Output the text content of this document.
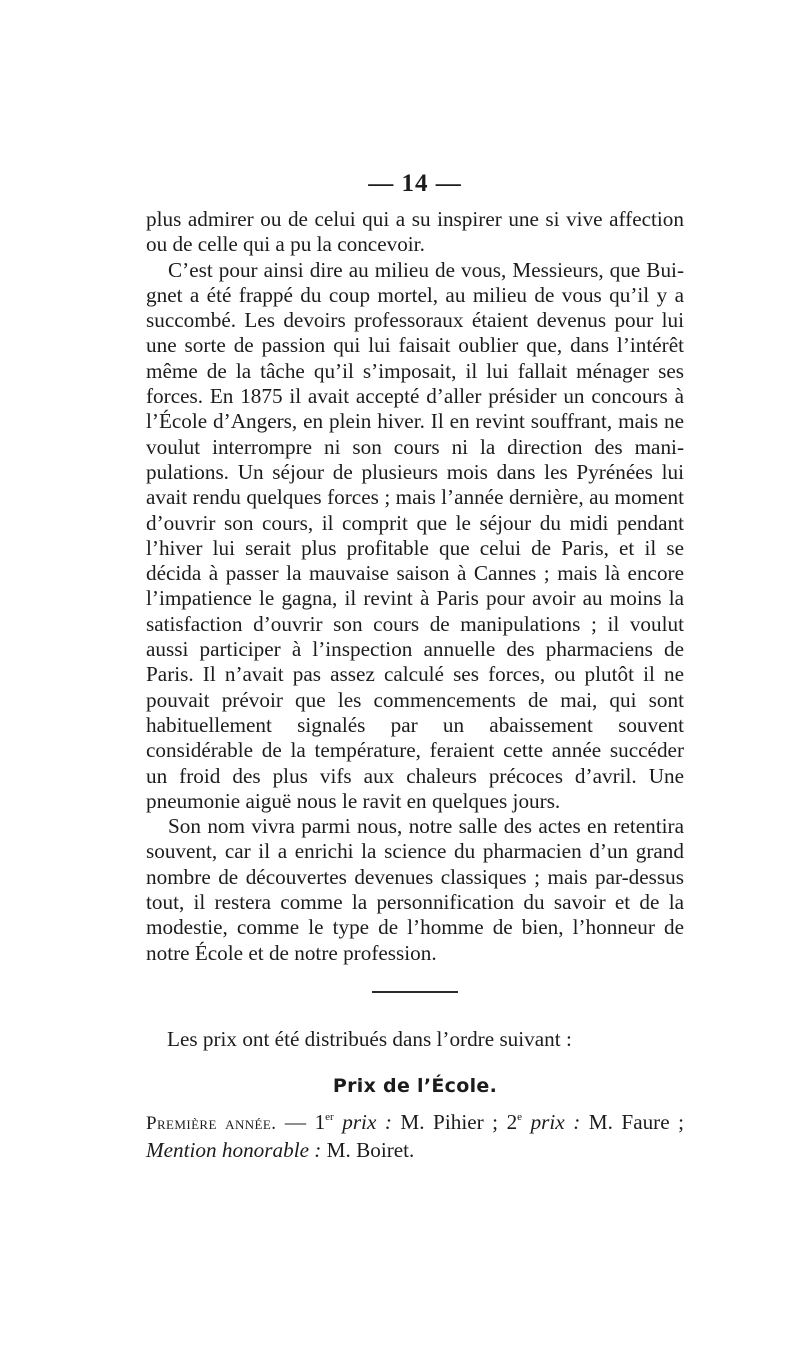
— 14 —

plus admirer ou de celui qui a su inspirer une si vive affection ou de celle qui a pu la concevoir.

C’est pour ainsi dire au milieu de vous, Messieurs, que Buignet a été frappé du coup mortel, au milieu de vous qu’il y a succombé. Les devoirs professoraux étaient devenus pour lui une sorte de passion qui lui faisait oublier que, dans l’intérêt même de la tâche qu’il s’imposait, il lui fallait ménager ses forces. En 1875 il avait accepté d’aller présider un concours à l’École d’Angers, en plein hiver. Il en revint souffrant, mais ne voulut interrompre ni son cours ni la direction des manipulations. Un séjour de plusieurs mois dans les Pyrénées lui avait rendu quelques forces ; mais l’année dernière, au moment d’ouvrir son cours, il comprit que le séjour du midi pendant l’hiver lui serait plus profitable que celui de Paris, et il se décida à passer la mauvaise saison à Cannes ; mais là encore l’impatience le gagna, il revint à Paris pour avoir au moins la satisfaction d’ouvrir son cours de manipulations ; il voulut aussi participer à l’inspection annuelle des pharmaciens de Paris. Il n’avait pas assez calculé ses forces, ou plutôt il ne pouvait prévoir que les commencements de mai, qui sont habituellement signalés par un abaissement souvent considérable de la température, feraient cette année succéder un froid des plus vifs aux chaleurs précoces d’avril. Une pneumonie aiguë nous le ravit en quelques jours.

Son nom vivra parmi nous, notre salle des actes en retentira souvent, car il a enrichi la science du pharmacien d’un grand nombre de découvertes devenues classiques ; mais par-dessus tout, il restera comme la personnification du savoir et de la modestie, comme le type de l’homme de bien, l’honneur de notre École et de notre profession.

Les prix ont été distribués dans l’ordre suivant :
Prix de l’École.

Première année. — 1er prix : M. Pihier ; 2e prix : M. Faure ; Mention honorable : M. Boiret.
